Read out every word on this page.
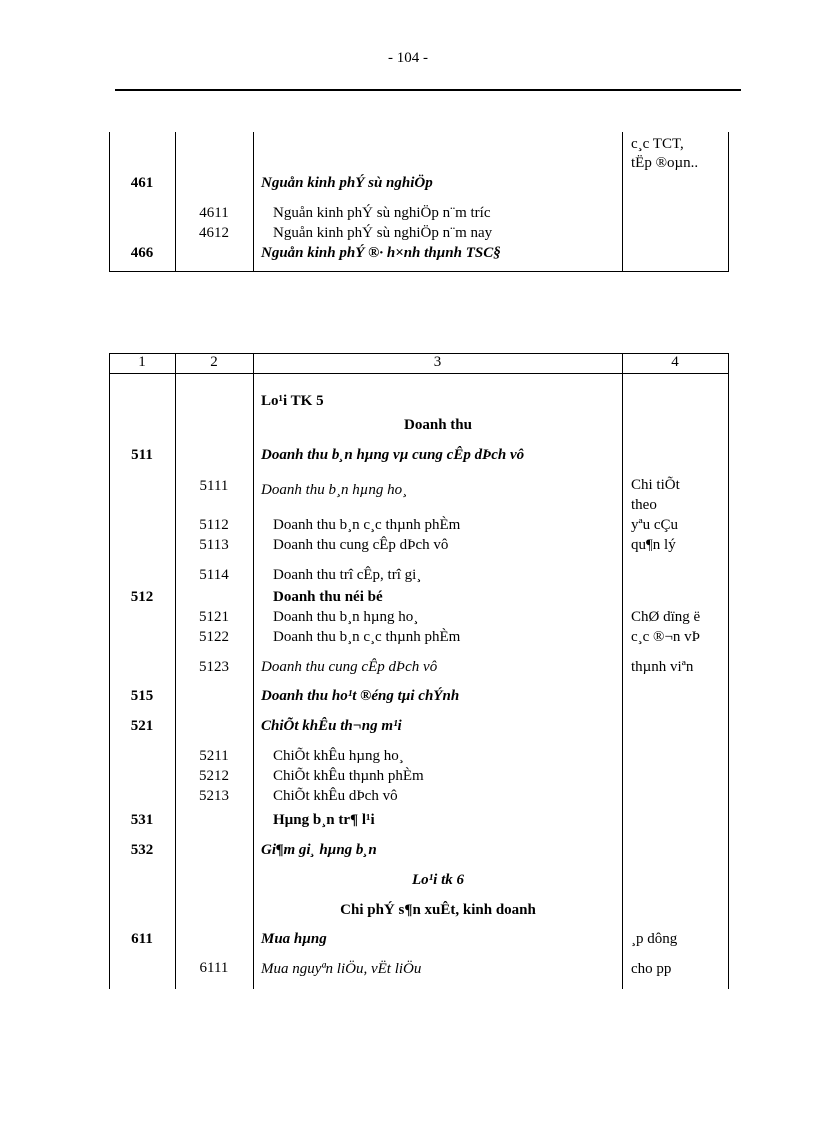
- 104 -
c¸c TCT,
tËp ®oµn..
461	Nguån kinh phÝ sù nghiÖp
4611	Nguån kinh phÝ sù nghiÖp n¨m tríc
4612	Nguån kinh phÝ sù nghiÖp n¨m nay
466	Nguån kinh phÝ ®· h×nh thµnh TSC§
1	2	3	4
Lo¹i TK 5
Doanh thu
511	Doanh thu b¸n hµng vµ cung cÊp dÞch vô
5111	Doanh thu b¸n hµng ho¸	Chi tiÕt
theo
5112	Doanh thu b¸n c¸c thµnh phÈm	yªu cÇu
5113	Doanh thu cung cÊp dÞch vô	qu¶n lý
5114	Doanh thu trî cÊp, trî gi¸
512	Doanh thu néi bé
5121	Doanh thu b¸n hµng ho¸	ChØ dïng ë
5122	Doanh thu b¸n c¸c thµnh phÈm	c¸c ®¬n vÞ
5123	Doanh thu cung cÊp dÞch vô	thµnh viªn
515	Doanh thu ho¹t ®éng tµi chÝnh
521	ChiÕt khÊu th¬ng m¹i
5211	ChiÕt khÊu hµng ho¸
5212	ChiÕt khÊu thµnh phÈm
5213	ChiÕt khÊu dÞch vô
531	Hµng b¸n tr¶ l¹i
532	Gi¶m gi¸ hµng b¸n
Lo¹i tk 6
Chi phÝ s¶n xuÊt, kinh doanh
611	Mua hµng	¸p dông
6111	Mua nguyªn liÖu, vËt liÖu	cho pp
